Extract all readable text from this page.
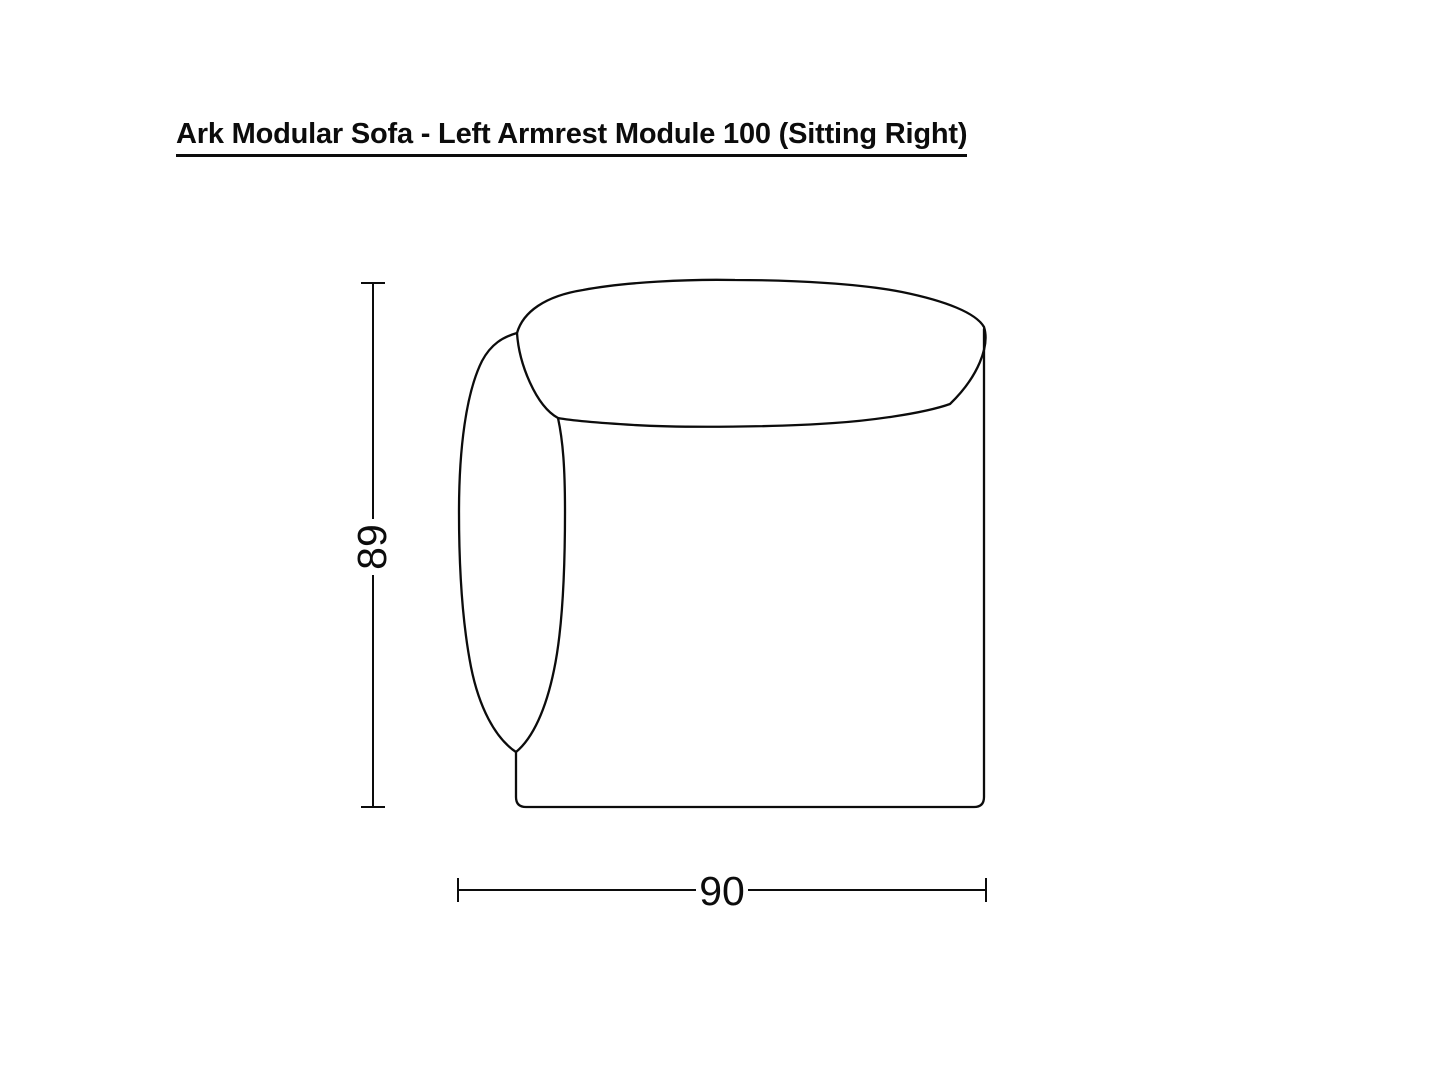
Ark Modular Sofa - Left Armrest Module 100 (Sitting Right)
89
90
